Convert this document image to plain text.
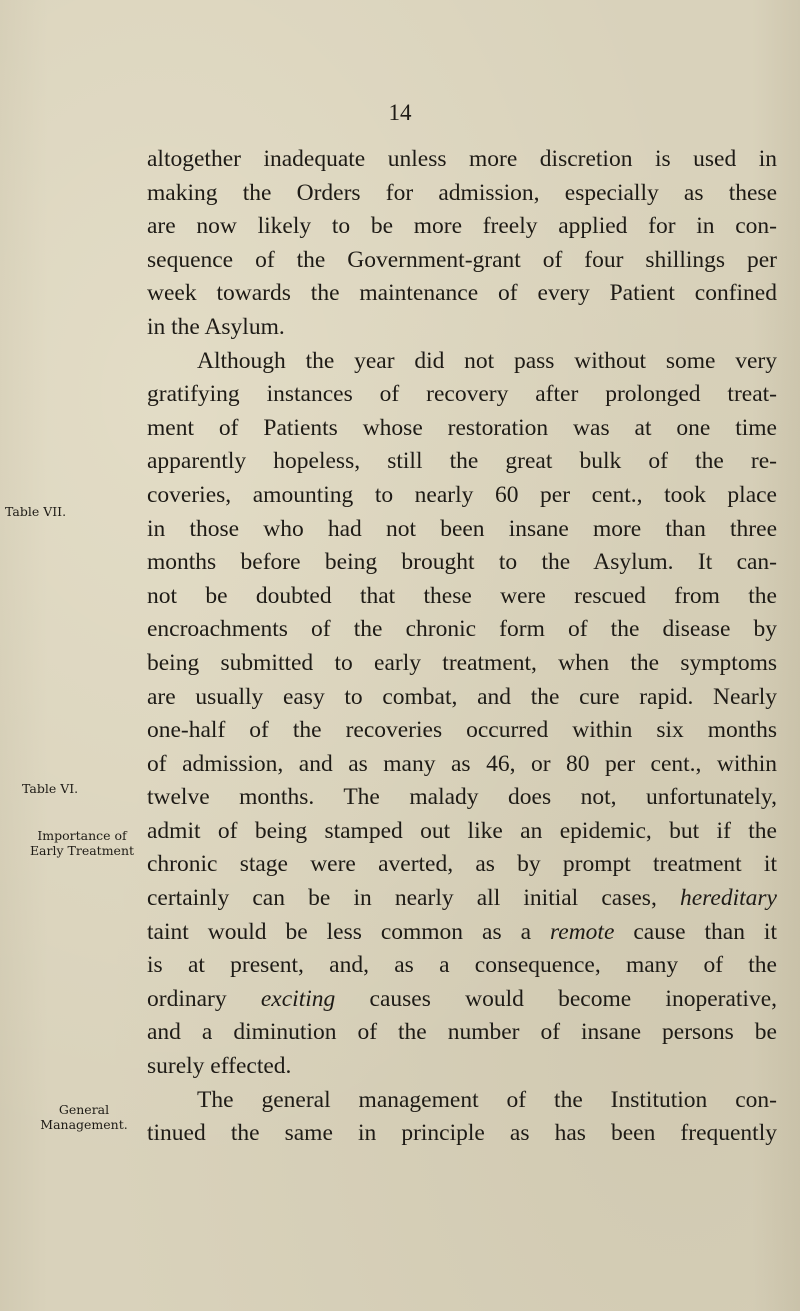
14
Table VII.
Table VI.
Importance of
Early Treatment
General
Management.
altogether inadequate unless more discretion is used in
making the Orders for admission, especially as these
are now likely to be more freely applied for in con-
sequence of the Government-grant of four shillings per
week towards the maintenance of every Patient confined
in the Asylum.
Although the year did not pass without some very
gratifying instances of recovery after prolonged treat-
ment of Patients whose restoration was at one time
apparently hopeless, still the great bulk of the re-
coveries, amounting to nearly 60 per cent., took place
in those who had not been insane more than three
months before being brought to the Asylum. It can-
not be doubted that these were rescued from the
encroachments of the chronic form of the disease by
being submitted to early treatment, when the symptoms
are usually easy to combat, and the cure rapid. Nearly
one-half of the recoveries occurred within six months
of admission, and as many as 46, or 80 per cent., within
twelve months. The malady does not, unfortunately,
admit of being stamped out like an epidemic, but if the
chronic stage were averted, as by prompt treatment it
certainly can be in nearly all initial cases, hereditary
taint would be less common as a remote cause than it
is at present, and, as a consequence, many of the
ordinary exciting causes would become inoperative,
and a diminution of the number of insane persons be
surely effected.
The general management of the Institution con-
tinued the same in principle as has been frequently
